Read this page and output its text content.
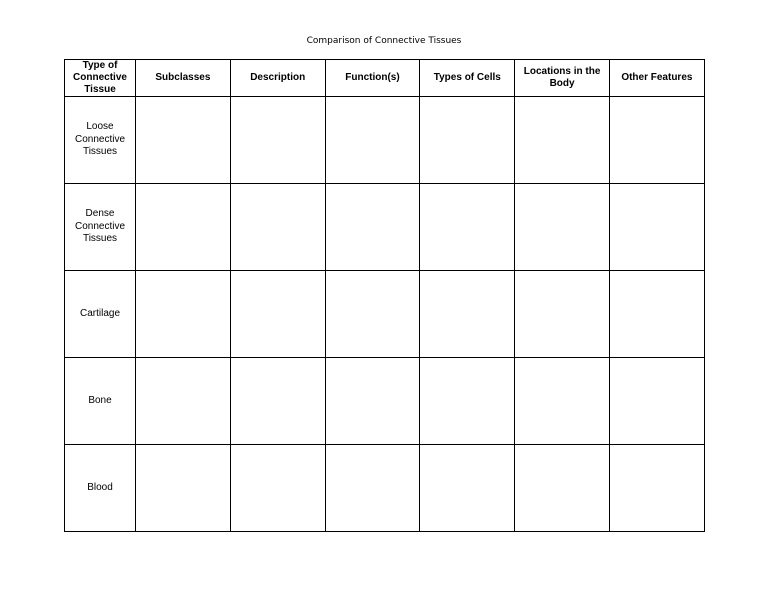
Comparison of Connective Tissues
Type of Connective Tissue	Subclasses	Description	Function(s)	Types of Cells	Locations in the Body	Other Features
Loose Connective Tissues						
Dense Connective Tissues						
Cartilage						
Bone						
Blood						
